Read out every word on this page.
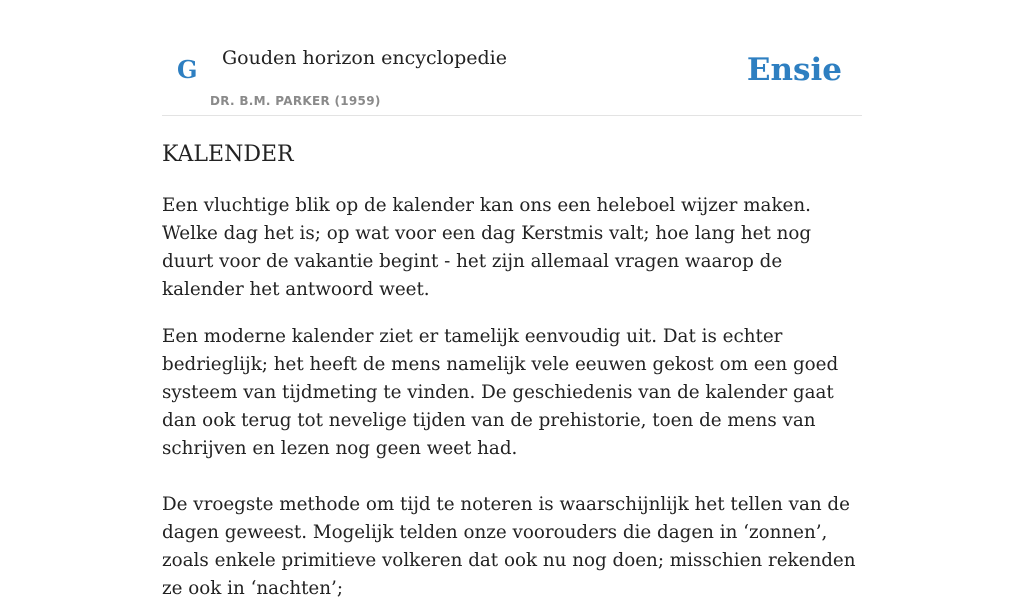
G Gouden horizon encyclopedie
DR. B.M. PARKER (1959)
Ensie
KALENDER

Een vluchtige blik op de kalender kan ons een heleboel wijzer maken. Welke dag het is; op wat voor een dag Kerstmis valt; hoe lang het nog duurt voor de vakantie begint - het zijn allemaal vragen waarop de kalender het antwoord weet.

Een moderne kalender ziet er tamelijk eenvoudig uit. Dat is echter bedrieglijk; het heeft de mens namelijk vele eeuwen gekost om een goed systeem van tijdmeting te vinden. De geschiedenis van de kalender gaat dan ook terug tot nevelige tijden van de prehistorie, toen de mens van schrijven en lezen nog geen weet had.

De vroegste methode om tijd te noteren is waarschijnlijk het tellen van de dagen geweest. Mogelijk telden onze voorouders die dagen in ‘zonnen’, zoals enkele primitieve volkeren dat ook nu nog doen; misschien rekenden ze ook in ‘nachten’;
